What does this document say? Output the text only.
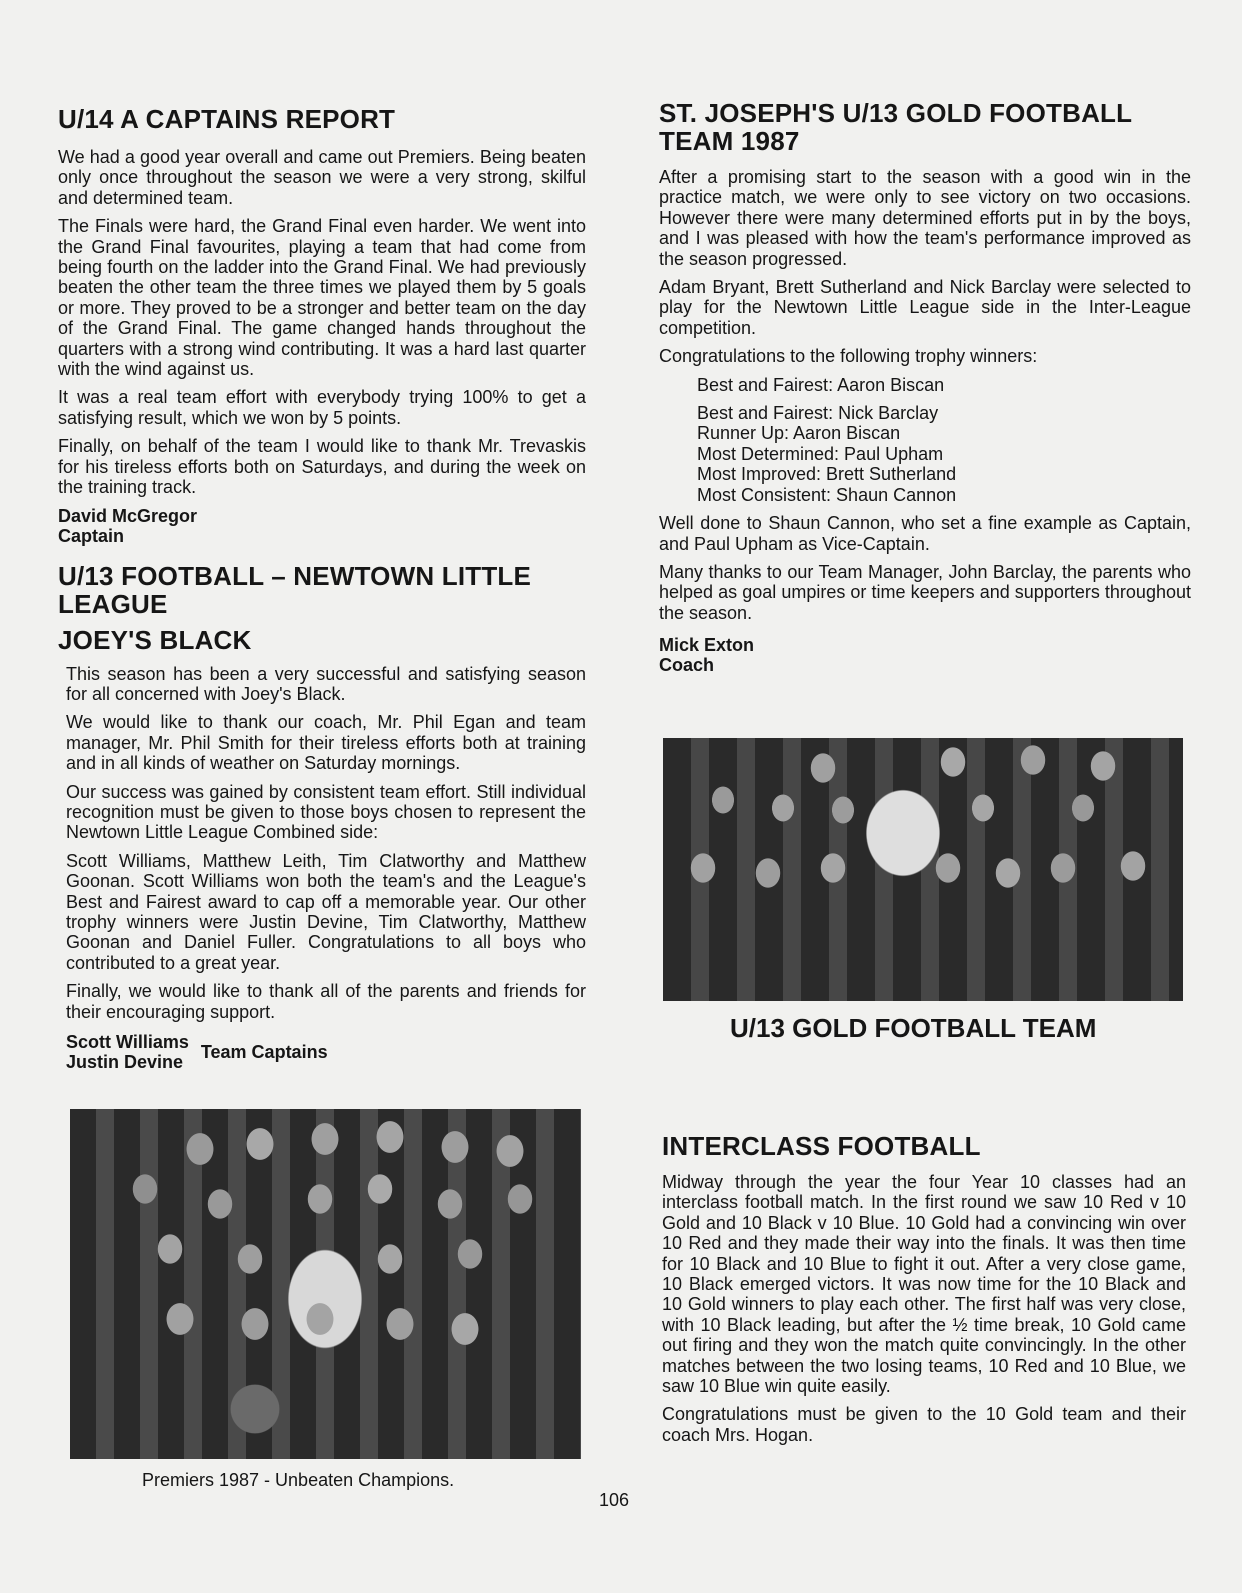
U/14 A CAPTAINS REPORT

We had a good year overall and came out Premiers. Being beaten only once throughout the season we were a very strong, skilful and determined team.

The Finals were hard, the Grand Final even harder. We went into the Grand Final favourites, playing a team that had come from being fourth on the ladder into the Grand Final. We had previously beaten the other team the three times we played them by 5 goals or more. They proved to be a stronger and better team on the day of the Grand Final. The game changed hands throughout the quarters with a strong wind contributing. It was a hard last quarter with the wind against us.

It was a real team effort with everybody trying 100% to get a satisfying result, which we won by 5 points.

Finally, on behalf of the team I would like to thank Mr. Trevaskis for his tireless efforts both on Saturdays, and during the week on the training track.

David McGregor
Captain
U/13 FOOTBALL – NEWTOWN LITTLE LEAGUE
JOEY'S BLACK

This season has been a very successful and satisfying season for all concerned with Joey's Black.

We would like to thank our coach, Mr. Phil Egan and team manager, Mr. Phil Smith for their tireless efforts both at training and in all kinds of weather on Saturday mornings.

Our success was gained by consistent team effort. Still individual recognition must be given to those boys chosen to represent the Newtown Little League Combined side:

Scott Williams, Matthew Leith, Tim Clatworthy and Matthew Goonan. Scott Williams won both the team's and the League's Best and Fairest award to cap off a memorable year. Our other trophy winners were Justin Devine, Tim Clatworthy, Matthew Goonan and Daniel Fuller. Congratulations to all boys who contributed to a great year.

Finally, we would like to thank all of the parents and friends for their encouraging support.

Scott Williams
Justin Devine Team Captains
Premiers 1987 - Unbeaten Champions.
ST. JOSEPH'S U/13 GOLD FOOTBALL
TEAM 1987

After a promising start to the season with a good win in the practice match, we were only to see victory on two occasions. However there were many determined efforts put in by the boys, and I was pleased with how the team's performance improved as the season progressed.

Adam Bryant, Brett Sutherland and Nick Barclay were selected to play for the Newtown Little League side in the Inter-League competition.

Congratulations to the following trophy winners:

Best and Fairest: Aaron Biscan
Best and Fairest: Nick Barclay
Runner Up: Aaron Biscan
Most Determined: Paul Upham
Most Improved: Brett Sutherland
Most Consistent: Shaun Cannon

Well done to Shaun Cannon, who set a fine example as Captain, and Paul Upham as Vice-Captain.

Many thanks to our Team Manager, John Barclay, the parents who helped as goal umpires or time keepers and supporters throughout the season.

Mick Exton
Coach
U/13 GOLD FOOTBALL TEAM
INTERCLASS FOOTBALL

Midway through the year the four Year 10 classes had an interclass football match. In the first round we saw 10 Red v 10 Gold and 10 Black v 10 Blue. 10 Gold had a convincing win over 10 Red and they made their way into the finals. It was then time for 10 Black and 10 Blue to fight it out. After a very close game, 10 Black emerged victors. It was now time for the 10 Black and 10 Gold winners to play each other. The first half was very close, with 10 Black leading, but after the ½ time break, 10 Gold came out firing and they won the match quite convincingly. In the other matches between the two losing teams, 10 Red and 10 Blue, we saw 10 Blue win quite easily.

Congratulations must be given to the 10 Gold team and their coach Mrs. Hogan.

106
